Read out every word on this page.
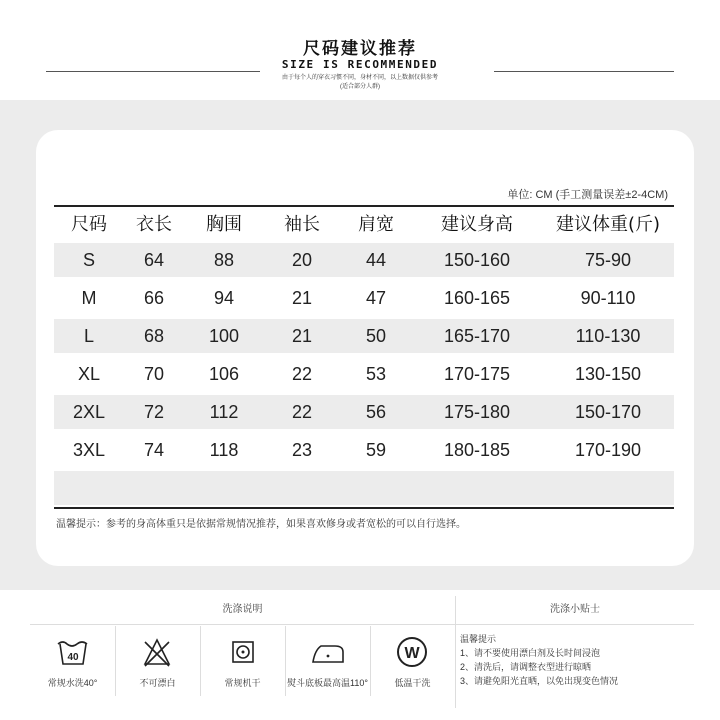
尺码建议推荐
SIZE IS RECOMMENDED
由于每个人的穿衣习惯不同，身材不同，以上数据仅供参考
(适合部分人群)
单位: CM (手工测量误差±2-4CM)
尺码	衣长	胸围	袖长	肩宽	建议身高	建议体重(斤)
S	64	88	20	44	150-160	75-90
M	66	94	21	47	160-165	90-110
L	68	100	21	50	165-170	110-130
XL	70	106	22	53	170-175	130-150
2XL	72	112	22	56	175-180	150-170
3XL	74	118	23	59	180-185	170-190
温馨提示：参考的身高体重只是依据常规情况推荐，如果喜欢修身或者宽松的可以自行选择。
洗涤说明	洗涤小贴士
40
常规水洗40°	不可漂白	常规机干	熨斗底板最高温110°
W
低温干洗
温馨提示
1、请不要使用漂白剂及长时间浸泡
2、清洗后，请调整衣型进行晾晒
3、请避免阳光直晒，以免出现变色情况
